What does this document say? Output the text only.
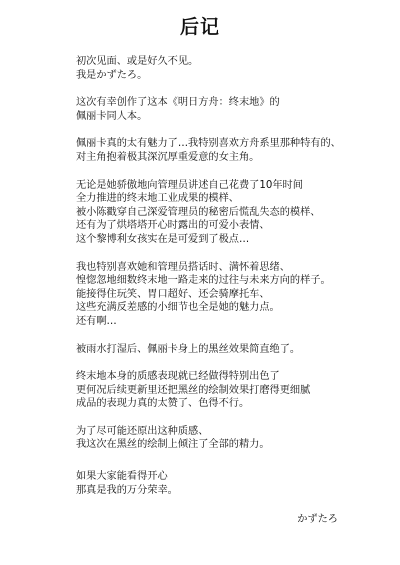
后记
初次见面、或是好久不见。
我是かずたろ。
这次有幸创作了这本《明日方舟：终末地》的
佩丽卡同人本。
佩丽卡真的太有魅力了…我特别喜欢方舟系里那种特有的、
对主角抱着极其深沉厚重爱意的女主角。
无论是她骄傲地向管理员讲述自己花费了10年时间
全力推进的终末地工业成果的模样、
被小陈戳穿自己深爱管理员的秘密后慌乱失态的模样、
还有为了烘塔塔开心时露出的可爱小表情、
这个黎博利女孩实在是可爱到了极点…
我也特别喜欢她和管理员搭话时、满怀着思绪、
惶惚忽地细数终末地一路走来的过往与未来方向的样子。
能接得住玩笑、胃口超好、还会骑摩托车、
这些充满反差感的小细节也全是她的魅力点。
还有啊…
被雨水打湿后、佩丽卡身上的黑丝效果简直绝了。
终末地本身的质感表现就已经做得特别出色了
更何况后续更新里还把黑丝的绘制效果打磨得更细腻
成品的表现力真的太赞了、色得不行。
为了尽可能还原出这种质感、
我这次在黑丝的绘制上倾注了全部的精力。
如果大家能看得开心
那真是我的万分荣幸。
かずたろ
